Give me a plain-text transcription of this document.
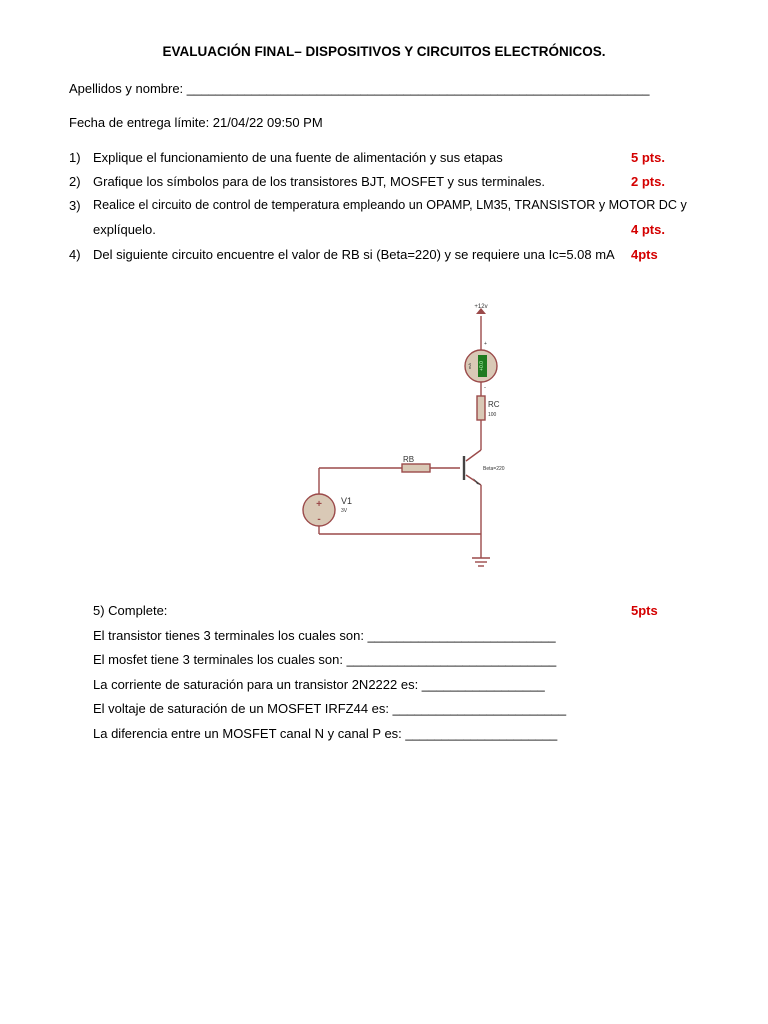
EVALUACIÓN FINAL– DISPOSITIVOS Y CIRCUITOS ELECTRÓNICOS.
Apellidos y nombre: ________________________________________________________________
Fecha de entrega límite: 21/04/22 09:50 PM
1) Explique el funcionamiento de una fuente de alimentación y sus etapas	5 pts.
2) Grafique los símbolos para de los transistores BJT, MOSFET y sus terminales.	2 pts.
3) Realice el circuito de control de temperatura empleando un OPAMP, LM35, TRANSISTOR y MOTOR DC y
explíquelo.	4 pts.
4) Del siguiente circuito encuentre el valor de RB si (Beta=220) y se requiere una Ic=5.08 mA 4pts
+12v
+0.0
mA
+
-
RC
100
RB
Beta=220
+
-
V1
3V
5) Complete:	5pts
El transistor tienes 3 terminales los cuales son: __________________________
El mosfet tiene 3 terminales los cuales son: _____________________________
La corriente de saturación para un transistor 2N2222 es: _________________
El voltaje de saturación de un MOSFET IRFZ44 es: ________________________
La diferencia entre un MOSFET canal N y canal P es: _____________________
